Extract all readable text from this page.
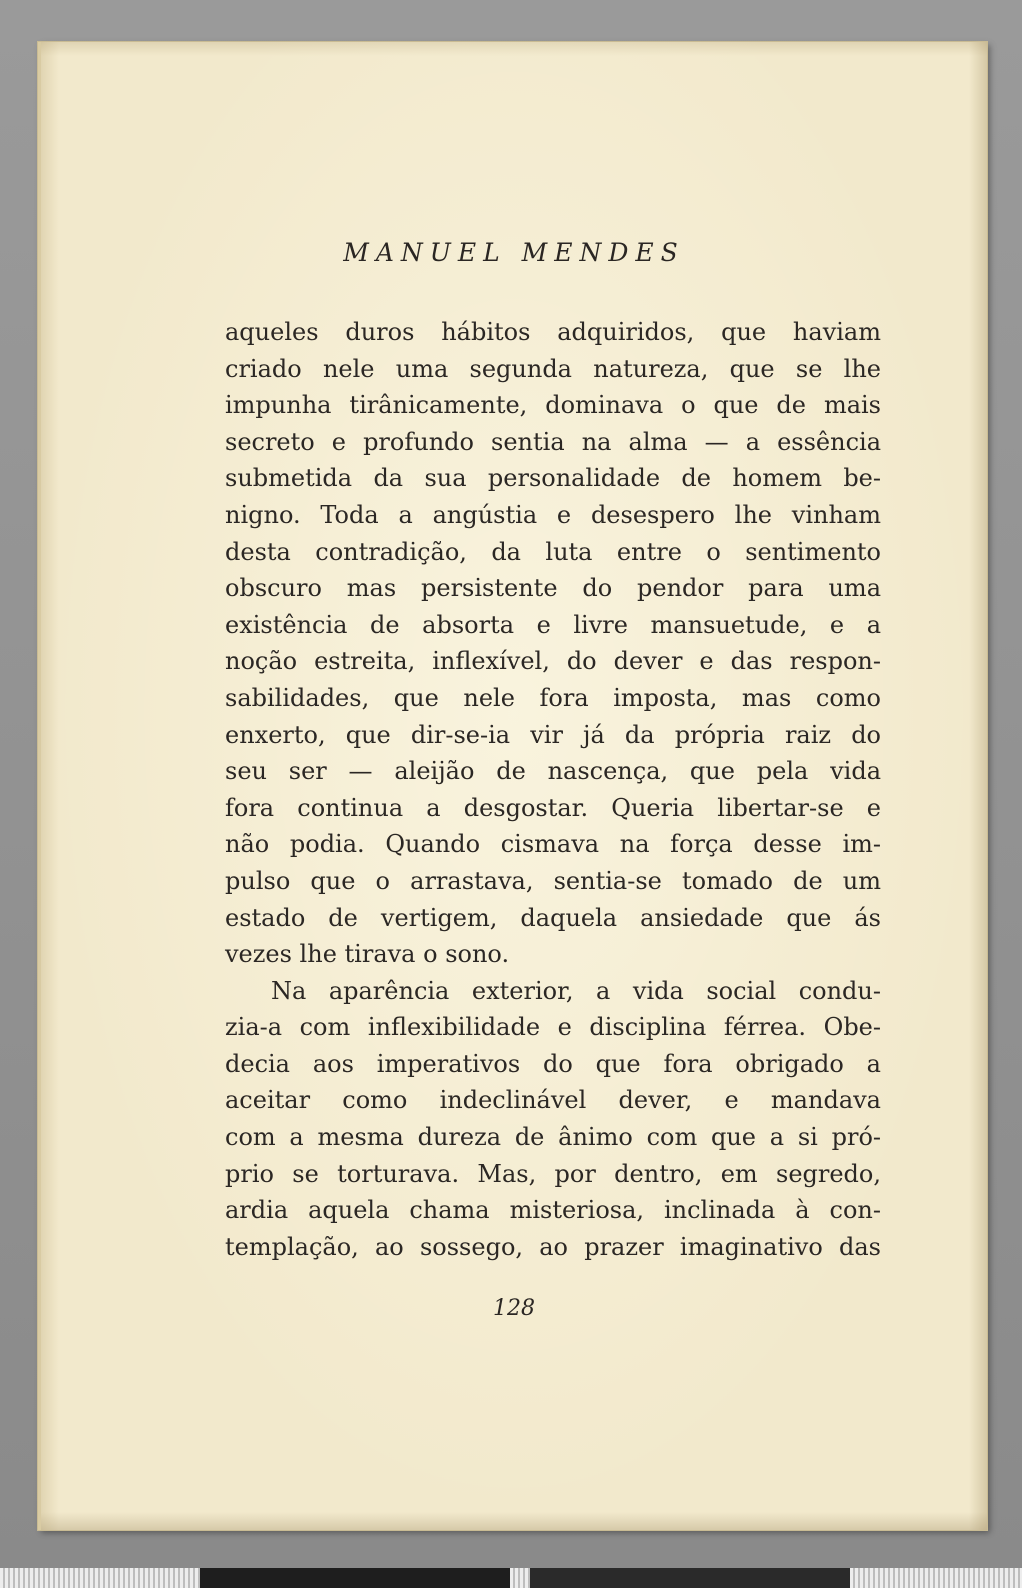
MANUEL MENDES
aqueles duros hábitos adquiridos, que haviam
criado nele uma segunda natureza, que se lhe
impunha tirânicamente, dominava o que de mais
secreto e profundo sentia na alma — a essência
submetida da sua personalidade de homem be-
nigno. Toda a angústia e desespero lhe vinham
desta contradição, da luta entre o sentimento
obscuro mas persistente do pendor para uma
existência de absorta e livre mansuetude, e a
noção estreita, inflexível, do dever e das respon-
sabilidades, que nele fora imposta, mas como
enxerto, que dir-se-ia vir já da própria raiz do
seu ser — aleijão de nascença, que pela vida
fora continua a desgostar. Queria libertar-se e
não podia. Quando cismava na força desse im-
pulso que o arrastava, sentia-se tomado de um
estado de vertigem, daquela ansiedade que ás
vezes lhe tirava o sono.
Na aparência exterior, a vida social condu-
zia-a com inflexibilidade e disciplina férrea. Obe-
decia aos imperativos do que fora obrigado a
aceitar como indeclinável dever, e mandava
com a mesma dureza de ânimo com que a si pró-
prio se torturava. Mas, por dentro, em segredo,
ardia aquela chama misteriosa, inclinada à con-
templação, ao sossego, ao prazer imaginativo das
128
